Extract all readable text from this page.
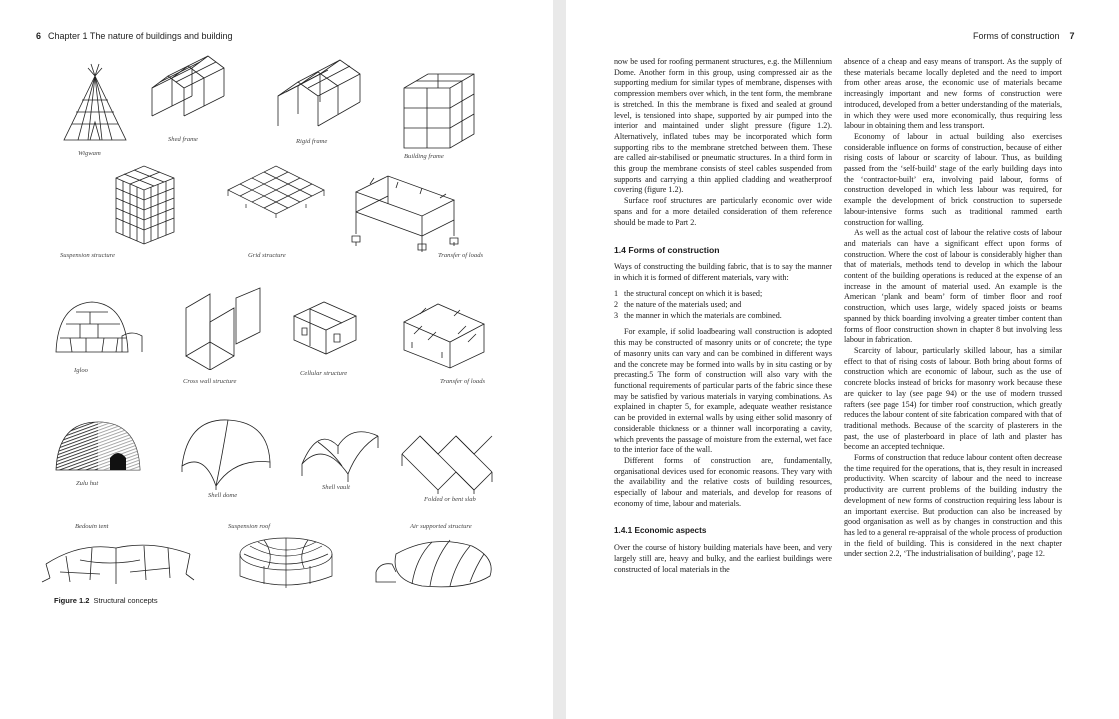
6 Chapter 1 The nature of buildings and building
Wigwam
Shed frame	Rigid frame
Building frame
Suspension structure	Grid structure	Transfer of loads
Igloo
Cross wall structure
Cellular structure
Transfer of loads
Zulu hut
Shell dome
Shell vault
Folded or bent slab
Bedouin tent	Suspension roof	Air supported structure
Figure 1.2 Structural concepts
Forms of construction 7

now be used for roofing permanent structures, e.g. the Millennium Dome. Another form in this group, using compressed air as the supporting medium for similar types of membrane, dispenses with compression members over which, in the tent form, the membrane is stretched. In this the membrane is fixed and sealed at ground level, is tensioned into shape, supported by air pumped into the interior and maintained under slight pressure (figure 1.2). Alternatively, inflated tubes may be incorporated which form supporting ribs to the membrane stretched between them. These are called air-stabilised or pneumatic structures. In a third form in this group the membrane consists of steel cables suspended from supports and carrying a thin applied cladding and weatherproof covering (figure 1.2).

Surface roof structures are particularly economic over wide spans and for a more detailed consideration of them reference should be made to Part 2.

1.4 Forms of construction

Ways of constructing the building fabric, that is to say the manner in which it is formed of different materials, vary with:

1 the structural concept on which it is based;
2 the nature of the materials used; and
3 the manner in which the materials are combined.

For example, if solid loadbearing wall construction is adopted this may be constructed of masonry units or of concrete; the type of masonry units can vary and can be combined in different ways and the concrete may be formed into walls by in situ casting or by precasting.5 The form of construction will also vary with the functional requirements of particular parts of the fabric since these may be satisfied by various materials in varying combinations. As explained in chapter 5, for example, adequate weather resistance can be provided in external walls by using either solid masonry of considerable thickness or a thinner wall incorporating a cavity, which prevents the passage of moisture from the external, wet face to the interior face of the wall.

Different forms of construction are, fundamentally, organisational devices used for economic reasons. They vary with the availability and the relative costs of building resources, especially of labour and materials, and develop for reasons of economy of time, labour and materials.

1.4.1 Economic aspects

Over the course of history building materials have been, and very largely still are, heavy and bulky, and the earliest buildings were constructed of local materials in the

absence of a cheap and easy means of transport. As the supply of these materials became locally depleted and the need to import from other areas arose, the economic use of materials became increasingly important and new forms of construction were introduced, developed from a better understanding of the materials, in which they were used more economically, thus requiring less labour in obtaining them and less transport.

Economy of labour in actual building also exercises considerable influence on forms of construction, because of either rising costs of labour or scarcity of labour. Thus, as building passed from the ‘self-build’ stage of the early building days into the ‘contractor-built’ era, involving paid labour, forms of construction developed in which less labour was required, for example the development of brick construction to supersede labour-intensive forms such as traditional rammed earth construction for walling.

As well as the actual cost of labour the relative costs of labour and materials can have a significant effect upon forms of construction. Where the cost of labour is considerably higher than that of materials, methods tend to develop in which the labour content of the building operations is reduced at the expense of an increase in the amount of material used. An example is the American ‘plank and beam’ form of timber floor and roof construction, which uses large, widely spaced joists or beams spanned by thick boarding involving a greater timber content than forms of floor construction shown in chapter 8 but involving less labour in fabrication.

Scarcity of labour, particularly skilled labour, has a similar effect to that of rising costs of labour. Both bring about forms of construction which are economic of labour, such as the use of concrete blocks instead of bricks for masonry work because these are quicker to lay (see page 94) or the use of modern trussed rafters (see page 154) for timber roof construction, which greatly reduces the labour content of site fabrication compared with that of traditional methods. Because of the scarcity of plasterers in the past, the use of plasterboard in place of lath and plaster has become an accepted technique.

Forms of construction that reduce labour content often decrease the time required for the operations, that is, they result in increased productivity. When scarcity of labour and the need to increase productivity are current problems of the building industry the development of new forms of construction requiring less labour is an important exercise. But production can also be increased by good organisation as well as by changes in construction and this has led to a general re-appraisal of the whole process of production in the field of building. This is considered in the next chapter under section 2.2, ‘The industrialisation of building’, page 12.
